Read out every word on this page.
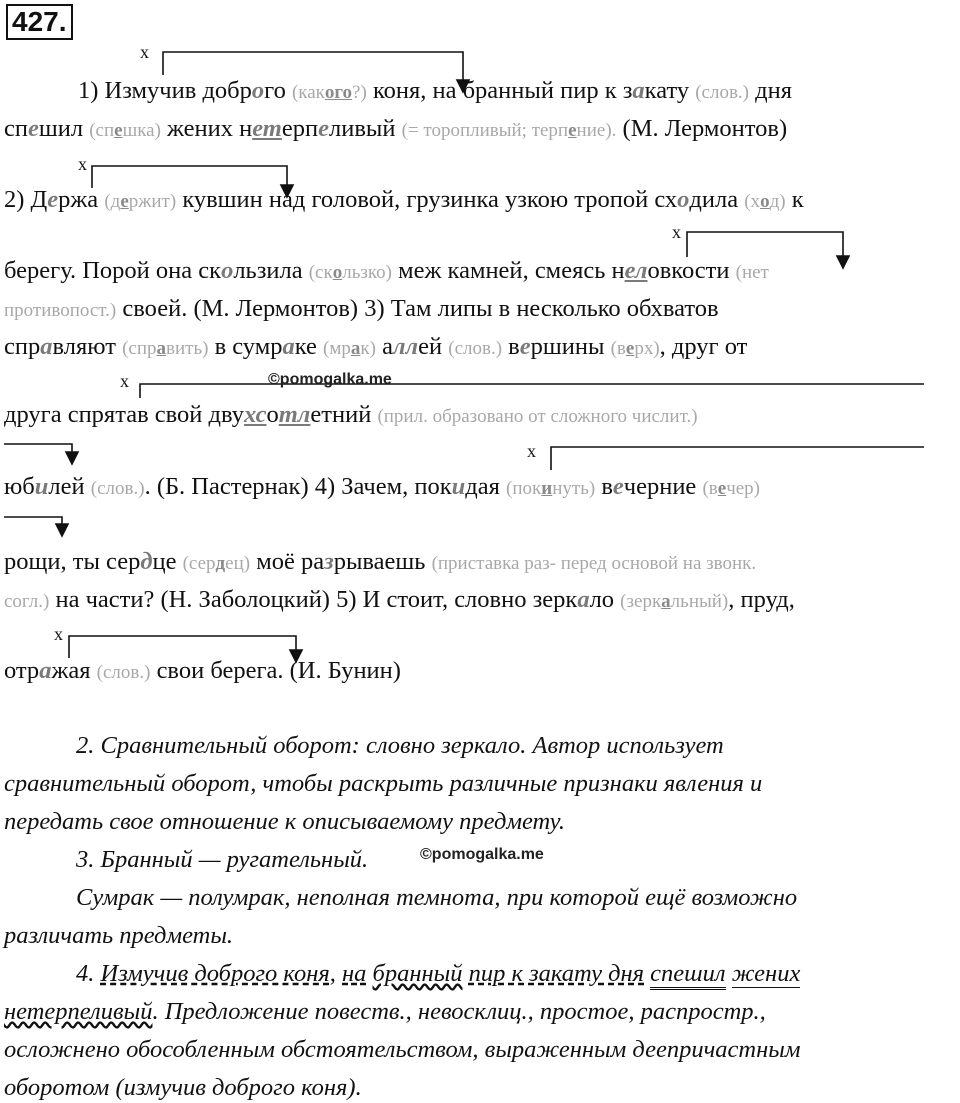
427.
x
x
x
x
x
x
©pomogalka.me
©pomogalka.me
1) Измучив доброго (какого?) коня, на бранный пир к закату (слов.) дня
спешил (спешка) жених нетерпеливый (= торопливый; терпение). (М. Лермонтов)
2) Держа (держит) кувшин над головой, грузинка узкою тропой сходила (ход) к
берегу. Порой она скользила (скользко) меж камней, смеясь неловкости (нет
противопост.) своей. (М. Лермонтов) 3) Там липы в несколько обхватов
справляют (справить) в сумраке (мрак) аллей (слов.) вершины (верх), друг от
друга спрятав свой двухсотлетний (прил. образовано от сложного числит.)
юбилей (слов.). (Б. Пастернак) 4) Зачем, покидая (покинуть) вечерние (вечер)
рощи, ты сердце (сердец) моё разрываешь (приставка раз- перед основой на звонк.
согл.) на части? (Н. Заболоцкий) 5) И стоит, словно зеркало (зеркальный), пруд,
отражая (слов.) свои берега. (И. Бунин)
2. Сравнительный оборот: словно зеркало. Автор использует
сравнительный оборот, чтобы раскрыть различные признаки явления и
передать свое отношение к описываемому предмету.
3. Бранный — ругательный.
Сумрак — полумрак, неполная темнота, при которой ещё возможно
различать предметы.
4. Измучив доброго коня, на бранный пир к закату дня спешил жених
нетерпеливый. Предложение повеств., невосклиц., простое, распростр.,
осложнено обособленным обстоятельством, выраженным деепричастным
оборотом (измучив доброго коня).
